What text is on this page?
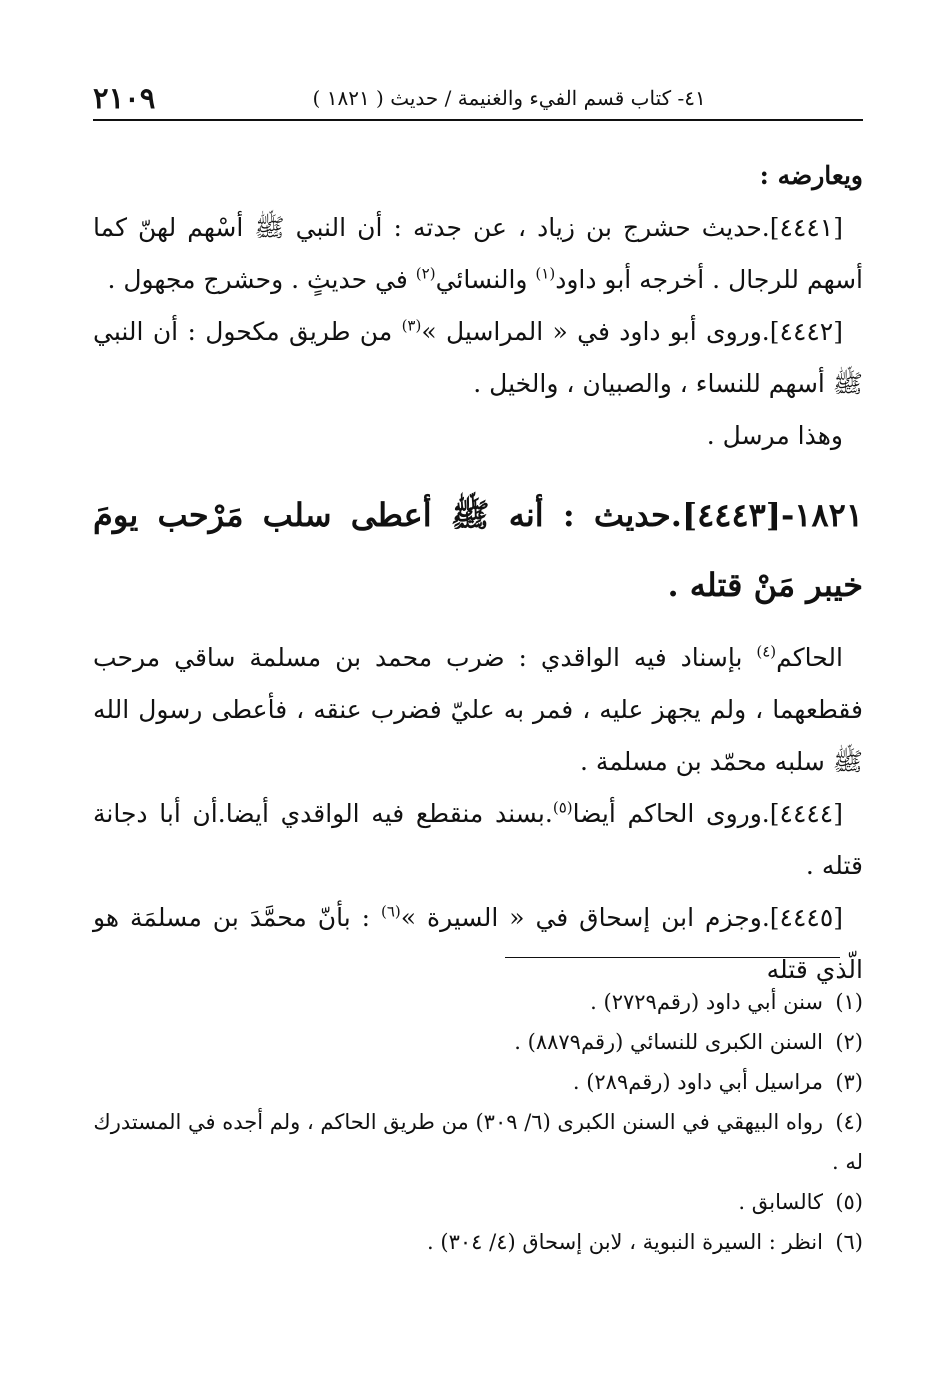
٤١- كتاب قسم الفيء والغنيمة / حديث ( ١٨٢١ )
٢١٠٩

ويعارضه :

[٤٤٤١].حديث حشرج بن زياد ، عن جدته : أن النبي ﷺ أسْهم لهنّ كما أسهم للرجال . أخرجه أبو داود$^{(١)}$ والنسائي$^{(٢)}$ في حديثٍ . وحشرج مجهول .

[٤٤٤٢].وروى أبو داود في « المراسيل »$^{(٣)}$ من طريق مكحول : أن النبي ﷺ أسهم للنساء ، والصبيان ، والخيل .

وهذا مرسل .

١٨٢١-[٤٤٤٣].حديث : أنه ﷺ أعطى سلب مَرْحب يومَ خيبر مَنْ قتله .

الحاكم$^{(٤)}$ بإسناد فيه الواقدي : ضرب محمد بن مسلمة ساقي مرحب فقطعهما ، ولم يجهز عليه ، فمر به عليّ فضرب عنقه ، فأعطى رسول الله ﷺ سلبه محمّد بن مسلمة .

[٤٤٤٤].وروى الحاكم أيضا$^{(٥)}$.بسند منقطع فيه الواقدي أيضا.أن أبا دجانة قتله .

[٤٤٤٥].وجزم ابن إسحاق في « السيرة »$^{(٦)}$ : بأنّ محمَّدَ بن مسلمَة هو الّذي قتله

(١)سنن أبي داود (رقم٢٧٢٩) .
(٢)السنن الكبرى للنسائي (رقم٨٨٧٩) .
(٣)مراسيل أبي داود (رقم٢٨٩) .
(٤)رواه البيهقي في السنن الكبرى (٦/ ٣٠٩) من طريق الحاكم ، ولم أجده في المستدرك له .
(٥)كالسابق .
(٦)انظر : السيرة النبوية ، لابن إسحاق (٤/ ٣٠٤) .
